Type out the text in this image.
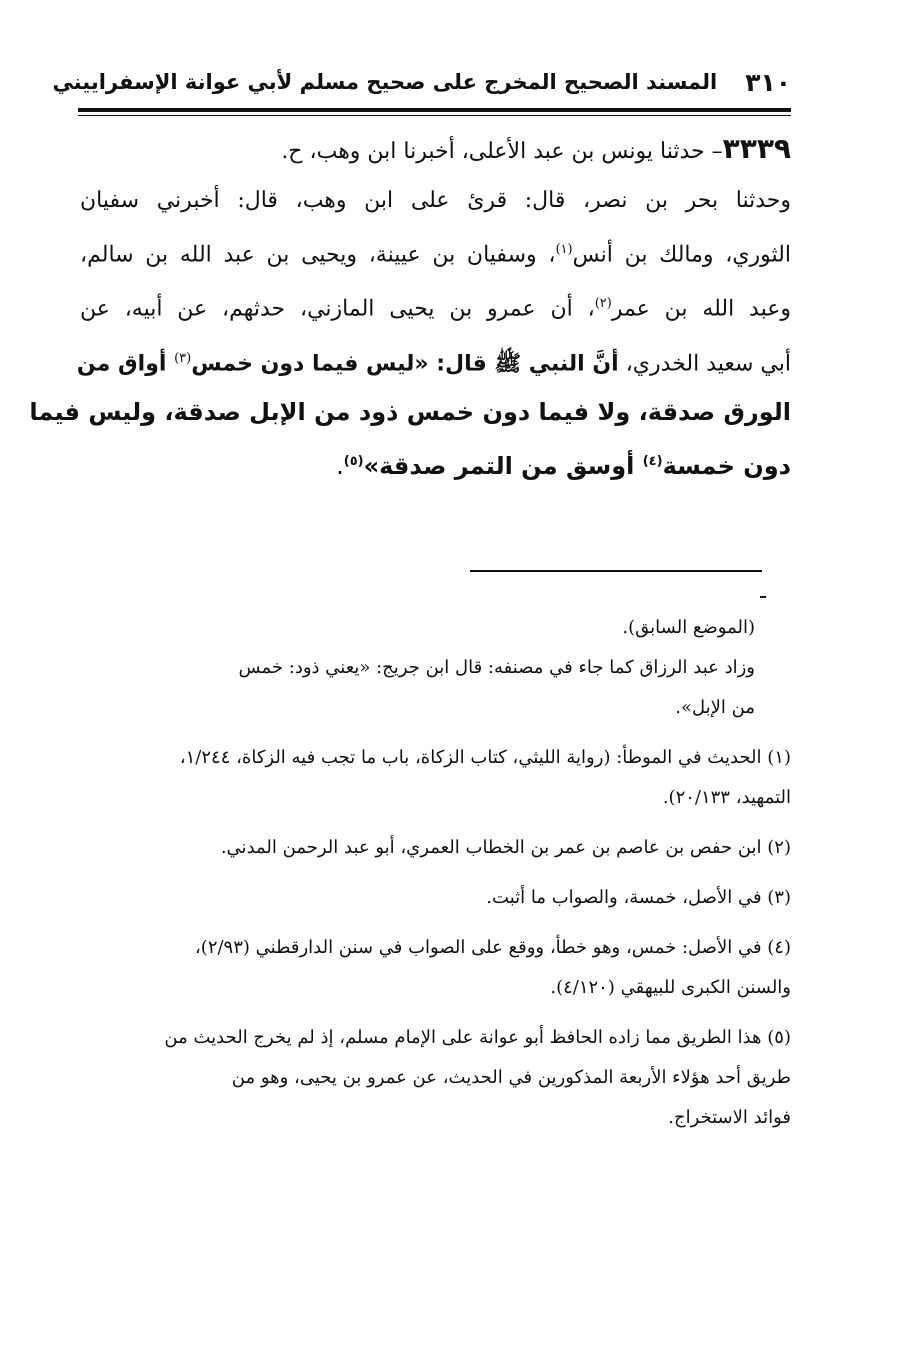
٣١٠
المسند الصحيح المخرج على صحيح مسلم لأبي عوانة الإسفراييني
٣٣٣٩– حدثنا يونس بن عبد الأعلى، أخبرنا ابن وهب، ح.
وحدثنا بحر بن نصر، قال: قرئ على ابن وهب، قال: أخبرني سفيان
الثوري، ومالك بن أنس$^{(١)}$، وسفيان بن عيينة، ويحيى بن عبد الله بن سالم،
وعبد الله بن عمر$^{(٢)}$، أن عمرو بن يحيى المازني، حدثهم، عن أبيه، عن
أبي سعيد الخدري، أنَّ النبي ﷺ قال: «ليس فيما دون خمس$^{(٣)}$ أواق من
الورق صدقة، ولا فيما دون خمس ذود من الإبل صدقة، وليس فيما
دون خمسة$^{(٤)}$ أوسق من التمر صدقة»$^{(٥)}$.
(الموضع السابق).
وزاد عبد الرزاق كما جاء في مصنفه: قال ابن جريج: «يعني ذود: خمس
من الإبل».
(١) الحديث في الموطأ: (رواية الليثي، كتاب الزكاة، باب ما تجب فيه الزكاة، ١/٢٤٤،
التمهيد، ٢٠/١٣٣).
(٢) ابن حفص بن عاصم بن عمر بن الخطاب العمري، أبو عبد الرحمن المدني.
(٣) في الأصل، خمسة، والصواب ما أثبت.
(٤) في الأصل: خمس، وهو خطأ، ووقع على الصواب في سنن الدارقطني (٢/٩٣)،
والسنن الكبرى للبيهقي (٤/١٢٠).
(٥) هذا الطريق مما زاده الحافظ أبو عوانة على الإمام مسلم، إذ لم يخرج الحديث من
طريق أحد هؤلاء الأربعة المذكورين في الحديث، عن عمرو بن يحيى، وهو من
فوائد الاستخراج.
